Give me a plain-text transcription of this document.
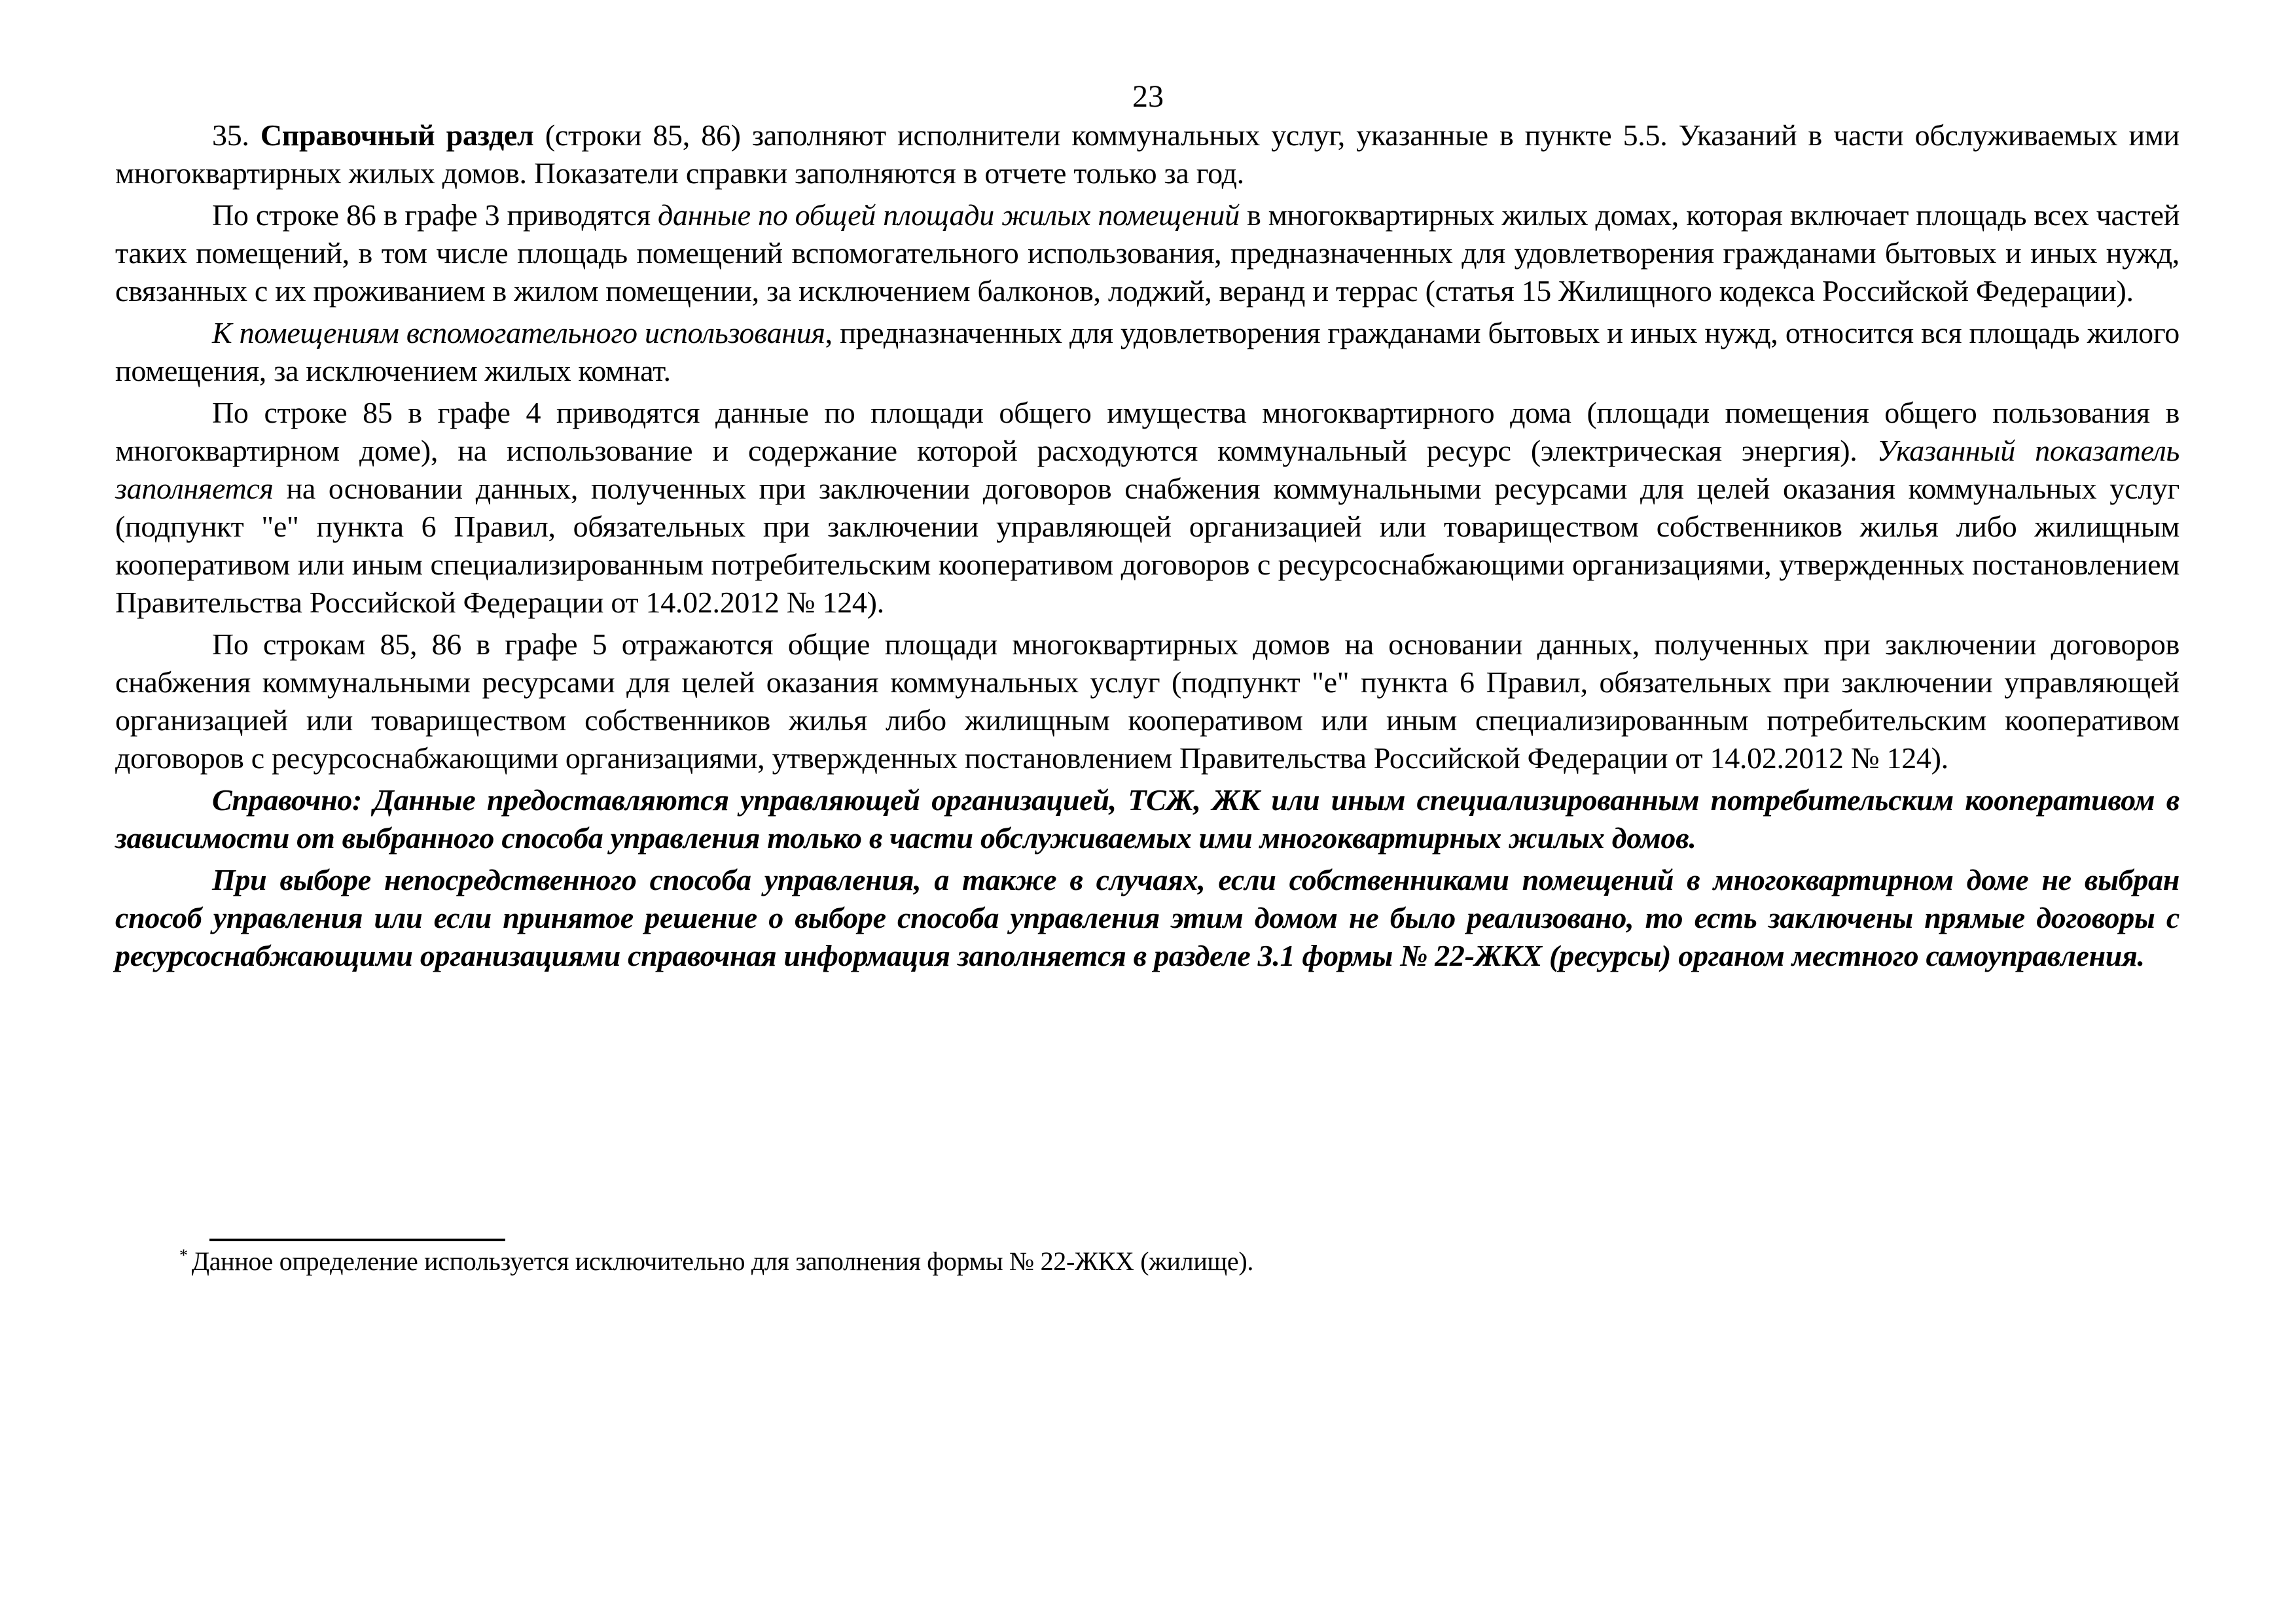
23

35. Справочный раздел (строки 85, 86) заполняют исполнители коммунальных услуг, указанные в пункте 5.5. Указаний в части обслуживаемых ими многоквартирных жилых домов. Показатели справки заполняются в отчете только за год.

По строке 86 в графе 3 приводятся данные по общей площади жилых помещений в многоквартирных жилых домах, которая включает площадь всех частей таких помещений, в том числе площадь помещений вспомогательного использования, предназначенных для удовлетворения гражданами бытовых и иных нужд, связанных с их проживанием в жилом помещении, за исключением балконов, лоджий, веранд и террас (статья 15 Жилищного кодекса Российской Федерации).

К помещениям вспомогательного использования, предназначенных для удовлетворения гражданами бытовых и иных нужд, относится вся площадь жилого помещения, за исключением жилых комнат.

По строке 85 в графе 4 приводятся данные по площади общего имущества многоквартирного дома (площади помещения общего пользования в многоквартирном доме), на использование и содержание которой расходуются коммунальный ресурс (электрическая энергия). Указанный показатель заполняется на основании данных, полученных при заключении договоров снабжения коммунальными ресурсами для целей оказания коммунальных услуг (подпункт "е" пункта 6 Правил, обязательных при заключении управляющей организацией или товариществом собственников жилья либо жилищным кооперативом или иным специализированным потребительским кооперативом договоров с ресурсоснабжающими организациями, утвержденных постановлением Правительства Российской Федерации от 14.02.2012 № 124).

По строкам 85, 86 в графе 5 отражаются общие площади многоквартирных домов на основании данных, полученных при заключении договоров снабжения коммунальными ресурсами для целей оказания коммунальных услуг (подпункт "е" пункта 6 Правил, обязательных при заключении управляющей организацией или товариществом собственников жилья либо жилищным кооперативом или иным специализированным потребительским кооперативом договоров с ресурсоснабжающими организациями, утвержденных постановлением Правительства Российской Федерации от 14.02.2012 № 124).

Справочно: Данные предоставляются управляющей организацией, ТСЖ, ЖК или иным специализированным потребительским кооперативом в зависимости от выбранного способа управления только в части обслуживаемых ими многоквартирных жилых домов.

При выборе непосредственного способа управления, а также в случаях, если собственниками помещений в многоквартирном доме не выбран способ управления или если принятое решение о выборе способа управления этим домом не было реализовано, то есть заключены прямые договоры с ресурсоснабжающими организациями справочная информация заполняется в разделе 3.1 формы № 22-ЖКХ (ресурсы) органом местного самоуправления.

* Данное определение используется исключительно для заполнения формы № 22-ЖКХ (жилище).
